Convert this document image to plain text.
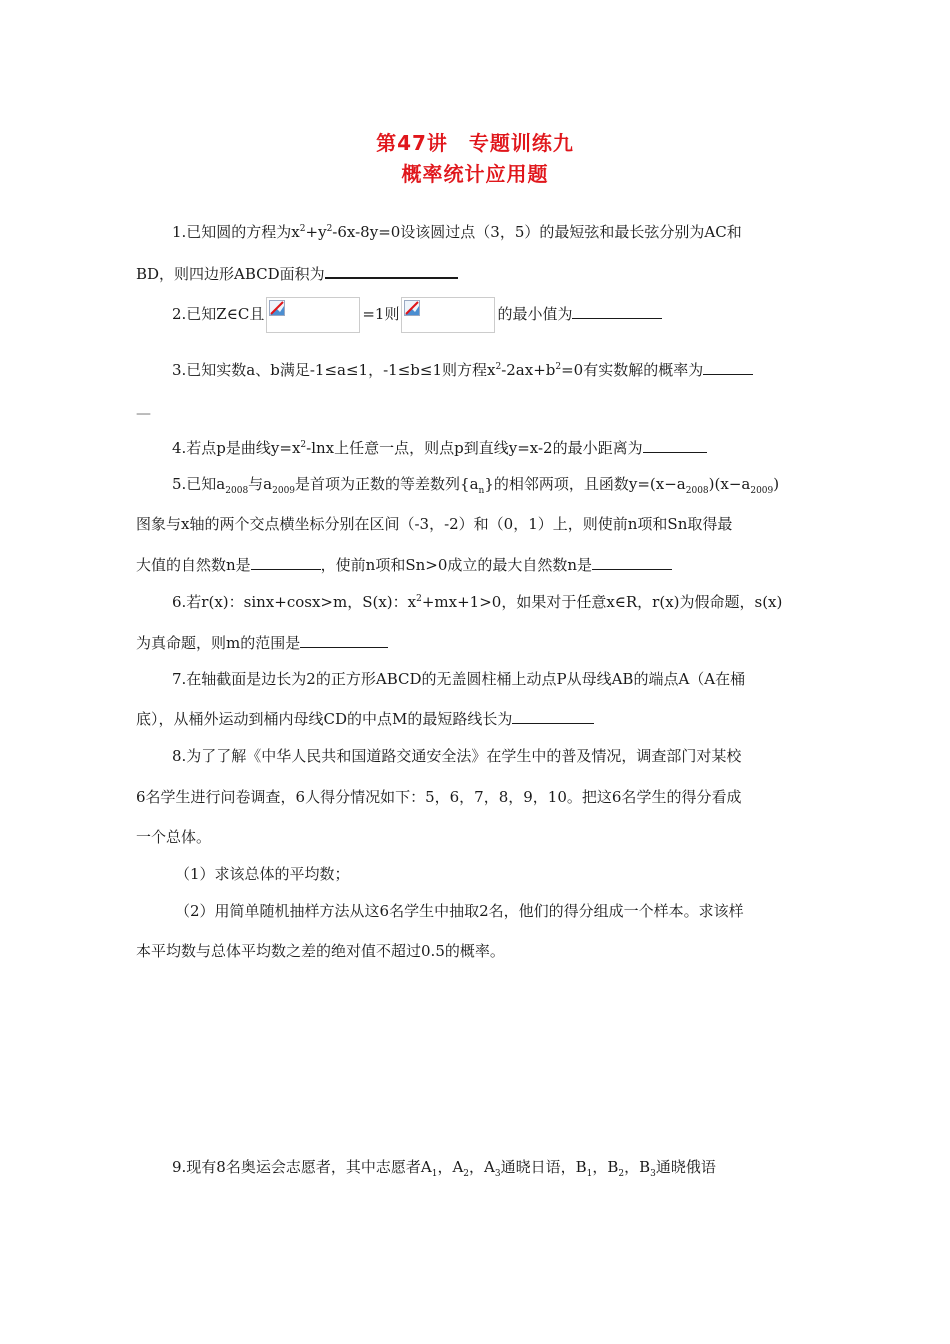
第47讲　专题训练九
概率统计应用题
1.已知圆的方程为$x^2+y^2-6x-8y=0$设该圆过点（3，5）的最短弦和最长弦分别为AC和
BD，则四边形ABCD面积为
2.已知Z∈C且	=1则	的最小值为
3.已知实数a、b满足-1≤a≤1，-1≤b≤1则方程$x^2-2ax+b^2=0$有实数解的概率为
—
4.若点p是曲线$y=x^2$-lnx上任意一点，则点p到直线y=x-2的最小距离为
5.已知$a_{2008}$与$a_{2009}$是首项为正数的等差数列$\{a_n\}$的相邻两项，且函数$y=(x-a_{2008})(x-a_{2009})$
图象与x轴的两个交点横坐标分别在区间（-3，-2）和（0，1）上，则使前n项和Sn取得最
大值的自然数n是	，使前n项和Sn>0成立的最大自然数n是
6.若r(x)：sinx+cosx>m，S(x)：$x^2+mx+1>0$，如果对于任意x∈R，r(x)为假命题，s(x)
为真命题，则m的范围是
7.在轴截面是边长为2的正方形ABCD的无盖圆柱桶上动点P从母线AB的端点A（A在桶
底），从桶外运动到桶内母线CD的中点M的最短路线长为
8.为了了解《中华人民共和国道路交通安全法》在学生中的普及情况，调查部门对某校
6名学生进行问卷调查，6人得分情况如下：5，6，7，8，9，10。把这6名学生的得分看成
一个总体。
（1）求该总体的平均数；
（2）用简单随机抽样方法从这6名学生中抽取2名，他们的得分组成一个样本。求该样
本平均数与总体平均数之差的绝对值不超过0.5的概率。
9.现有8名奥运会志愿者，其中志愿者$A_1$，$A_2$，$A_3$通晓日语，$B_1$，$B_2$，$B_3$通晓俄语
